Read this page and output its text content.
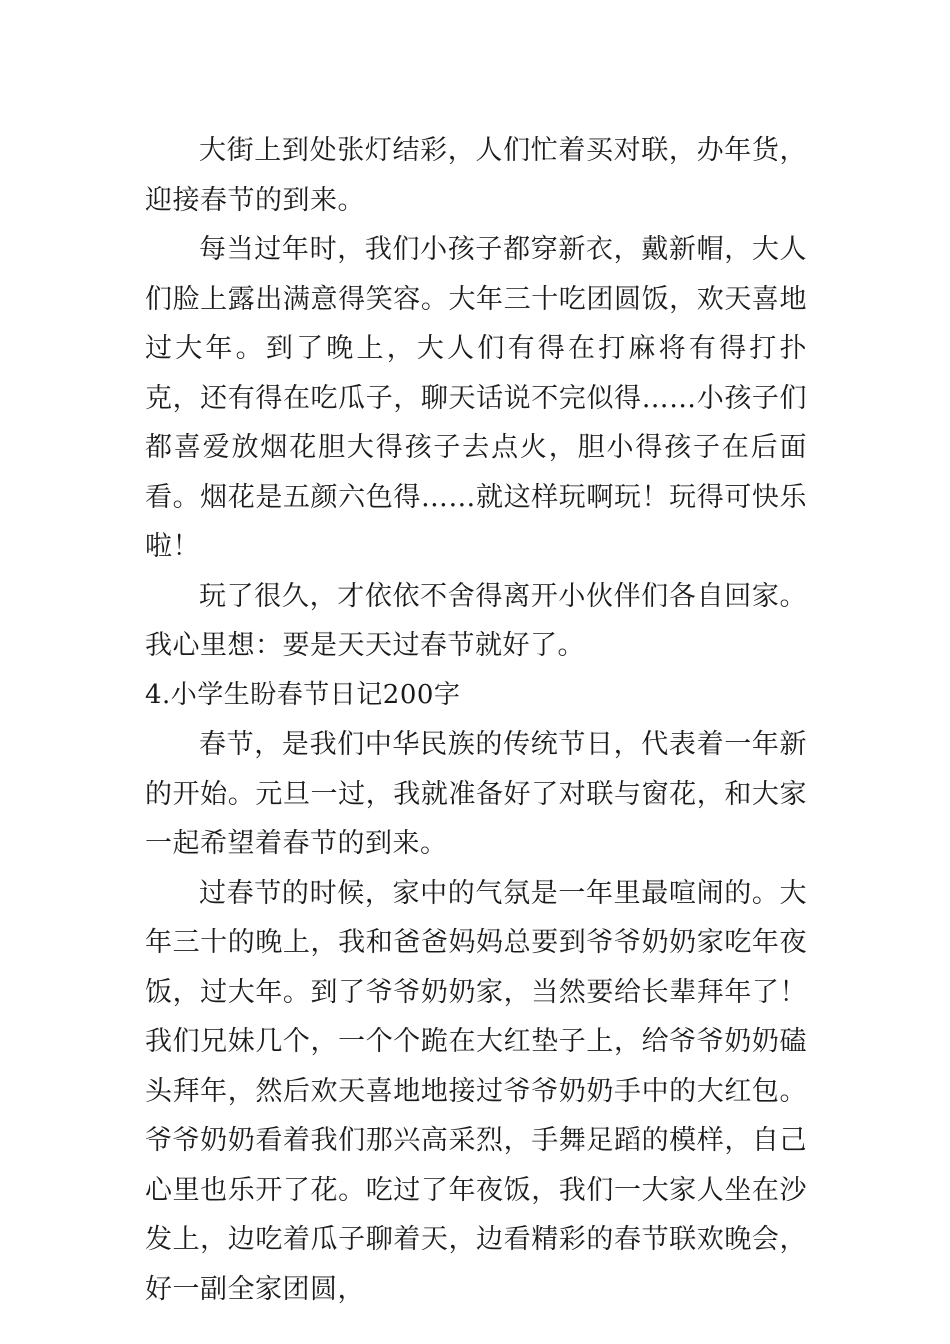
大街上到处张灯结彩，人们忙着买对联，办年货，迎接春节的到来。

每当过年时，我们小孩子都穿新衣，戴新帽，大人们脸上露出满意得笑容。大年三十吃团圆饭，欢天喜地过大年。到了晚上，大人们有得在打麻将有得打扑 克，还有得在吃瓜子，聊天话说不完似得……小孩子们都喜爱放烟花胆大得孩子去点火，胆小得孩子在后面看。烟花是五颜六色得……就这样玩啊玩！玩得可快乐啦！

玩了很久，才依依不舍得离开小伙伴们各自回家。我心里想：要是天天过春节就好了。

4.小学生盼春节日记200字

春节，是我们中华民族的传统节日，代表着一年新的开始。元旦一过，我就准备好了对联与窗花，和大家一起希望着春节的到来。

过春节的时候，家中的气氛是一年里最喧闹的。大年三十的晚上，我和爸爸妈妈总要到爷爷奶奶家吃年夜饭，过大年。到了爷爷奶奶家，当然要给长辈拜年了！我们兄妹几个，一个个跪在大红垫子上，给爷爷奶奶磕头拜年，然后欢天喜地地接过爷爷奶奶手中的大红包。爷爷奶奶看着我们那兴高采烈，手舞足蹈的模样，自己心里也乐开了花。吃过了年夜饭，我们一大家人坐在沙发上，边吃着瓜子聊着天，边看精彩的春节联欢晚会，好一副全家团圆，
